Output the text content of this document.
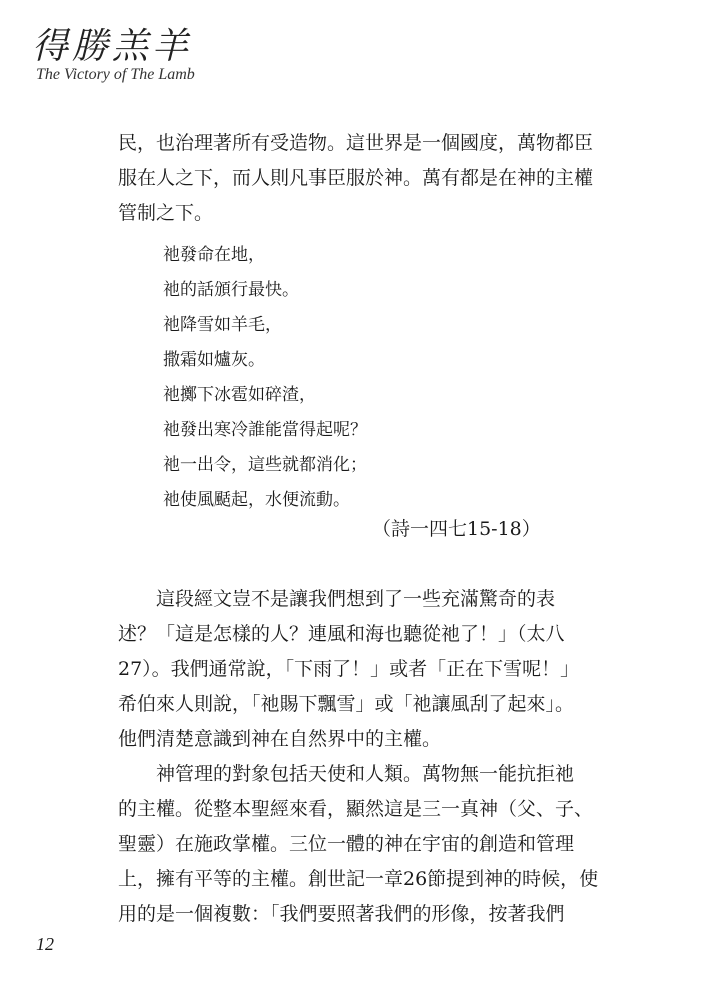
得勝羔羊
The Victory of The Lamb

民，也治理著所有受造物。這世界是一個國度，萬物都臣
服在人之下，而人則凡事臣服於神。萬有都是在神的主權
管制之下。

祂發命在地，
祂的話頒行最快。
祂降雪如羊毛，
撒霜如爐灰。
祂擲下冰雹如碎渣，
祂發出寒冷誰能當得起呢？
祂一出令，這些就都消化；
祂使風颳起，水便流動。
（詩一四七15-18）

　　這段經文豈不是讓我們想到了一些充滿驚奇的表
述？「這是怎樣的人？連風和海也聽從祂了！」（太八
27）。我們通常說，「下雨了！」或者「正在下雪呢！」
希伯來人則說，「祂賜下飄雪」或「祂讓風刮了起來」。
他們清楚意識到神在自然界中的主權。

　　神管理的對象包括天使和人類。萬物無一能抗拒祂
的主權。從整本聖經來看，顯然這是三一真神（父、子、
聖靈）在施政掌權。三位一體的神在宇宙的創造和管理
上，擁有平等的主權。創世記一章26節提到神的時候，使
用的是一個複數：「我們要照著我們的形像，按著我們

12
